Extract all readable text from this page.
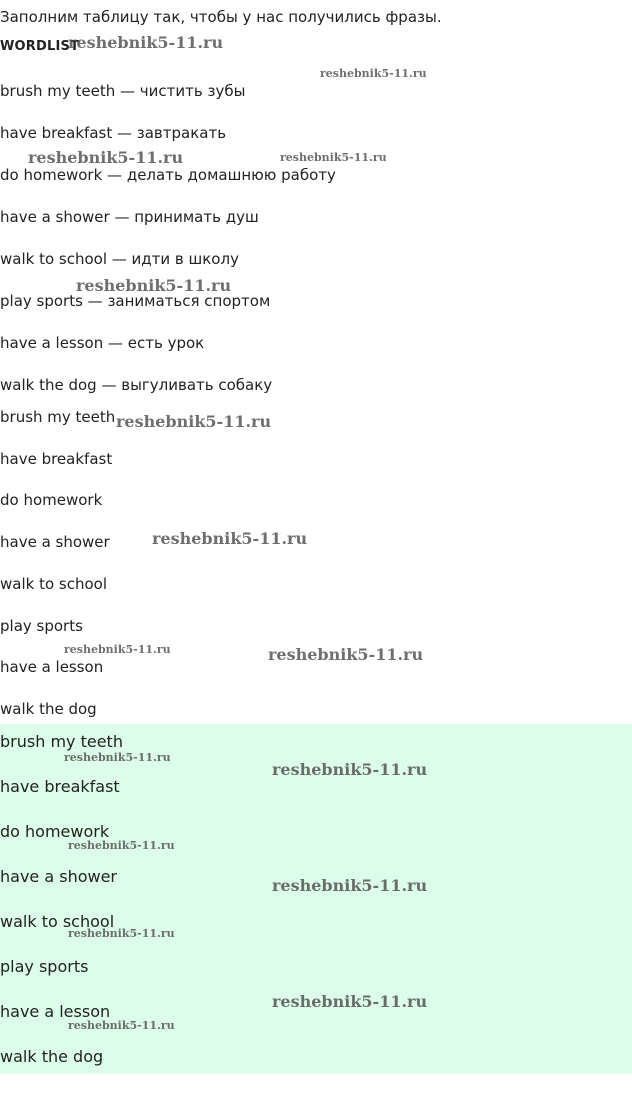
Заполним таблицу так, чтобы у нас получились фразы.
WORDLIST
brush my teeth — чистить зубы
have breakfast — завтракать
do homework — делать домашнюю работу
have a shower — принимать душ
walk to school — идти в школу
play sports — заниматься спортом
have a lesson — есть урок
walk the dog — выгуливать собаку
brush my teeth
have breakfast
do homework
have a shower
walk to school
play sports
have a lesson
walk the dog
brush my teeth
have breakfast
do homework
have a shower
walk to school
play sports
have a lesson
walk the dog
reshebnik5-11.ru
reshebnik5-11.ru
reshebnik5-11.ru	reshebnik5-11.ru
reshebnik5-11.ru
reshebnik5-11.ru
reshebnik5-11.ru
reshebnik5-11.ru	reshebnik5-11.ru
reshebnik5-11.ru
reshebnik5-11.ru
reshebnik5-11.ru
reshebnik5-11.ru
reshebnik5-11.ru
reshebnik5-11.ru
reshebnik5-11.ru
